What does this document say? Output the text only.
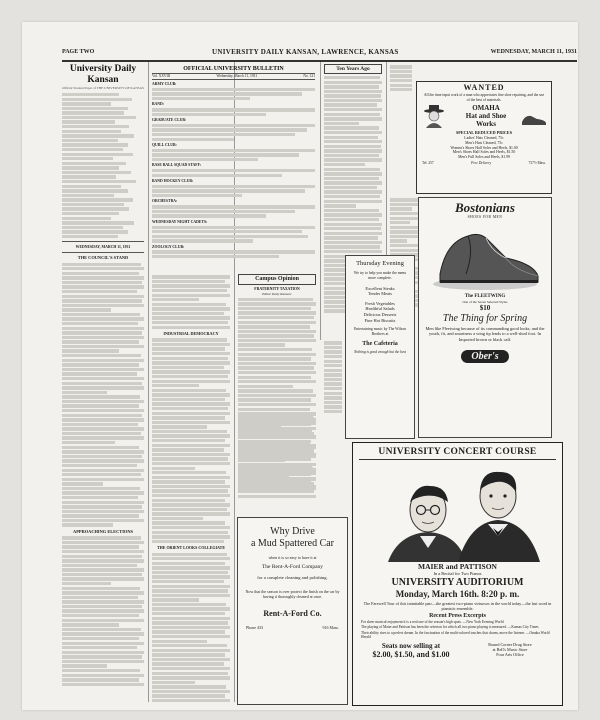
PAGE TWO	UNIVERSITY DAILY KANSAN, LAWRENCE, KANSAS	WEDNESDAY, MARCH 11, 1931
University Daily Kansan
Official Student Paper of THE UNIVERSITY OF KANSAS
WEDNESDAY, MARCH 11, 1931
THE COUNCIL'S STAND
APPROACHING ELECTIONS
OFFICIAL UNIVERSITY BULLETIN
Vol. XXVIII	Wednesday, March 11, 1931	No. 121
ARMY CLUB:
BAND:
GRADUATE CLUB:
QUILL CLUB:
BASE BALL SQUAD STAFF:
BAND HOCKEY CLUB:
ORCHESTRA:
WEDNESDAY NIGHT CADETS:
ZOOLOGY CLUB:
INDUSTRIAL DEMOCRACY
THE ORIENT LOOKS COLLEGIATE
Campus Opinion
FRATERNITY TAXATION
Editor Daily Kansan:
Ten Years Ago
WANTED
All the time input work of a man who appreciates fine shoe repairing, and the use of the best of materials.
OMAHA
Hat and Shoe
Works
SPECIAL REDUCED PRICES
Ladies' Hats Cleaned, 75c
Men's Hats Cleaned, 75c
Women's Shoes Half Soles and Heels, $1.00
Men's Shoes Half Soles and Heels, $1.50
Men's Full Soles and Heels, $1.99
Tel. 257	Free Delivery	737½ Mass.
Bostonians
SHOES FOR MEN
The FLEETWING
One of the Seven Selected Styles
$10
The Thing for Spring
Men like Fleetwing because of its commanding good looks; and the youth, fit, and smartness a wing tip lends to a well-shod foot. In Imported brown or black calf.
Ober's
Thursday Evening
We try to help you make the menu more complete.
Excellent Steaks
Tender Meats
Fresh Vegetables
Healthful Salads
Delicious Desserts
Fine Hot Biscuits
Entertaining music by The Wilson Brothers at
The Cafeteria
Nothing is good enough but the best
Why Drive
a Mud Spattered Car
when it is so easy to have it at
The Rent-A-Ford Company
for a complete cleaning and polishing.
Now that the season is over protect the finish on the car by having it thoroughly cleaned at once.
Rent-A-Ford Co.
Phone 433	916 Mass.
UNIVERSITY CONCERT COURSE
MAIER and PATTISON
In a Recital for Two Pianos
UNIVERSITY AUDITORIUM
Monday, March 16th. 8:20 p. m.
The Farewell Tour of this inimitable pair—the greatest two-piano virtuosos in the world today—the last word in pianistic ensemble.
Recent Press Excerpts
For sheer musical enjoyment it is a real one of the season's high spots. —New York Evening World
The playing of Maier and Pattison has been the criterion for which all two piano playing is measured. —Kansas City Times
Their ability rises to a perfect dream. In the fascination of the multi-colored touches that charm, move the listener. —Omaha World Herald
Seats now selling at
$2.00, $1.50, and $1.00
Round Corner Drug Store
at Bell's Music Store
Four Arts Office
